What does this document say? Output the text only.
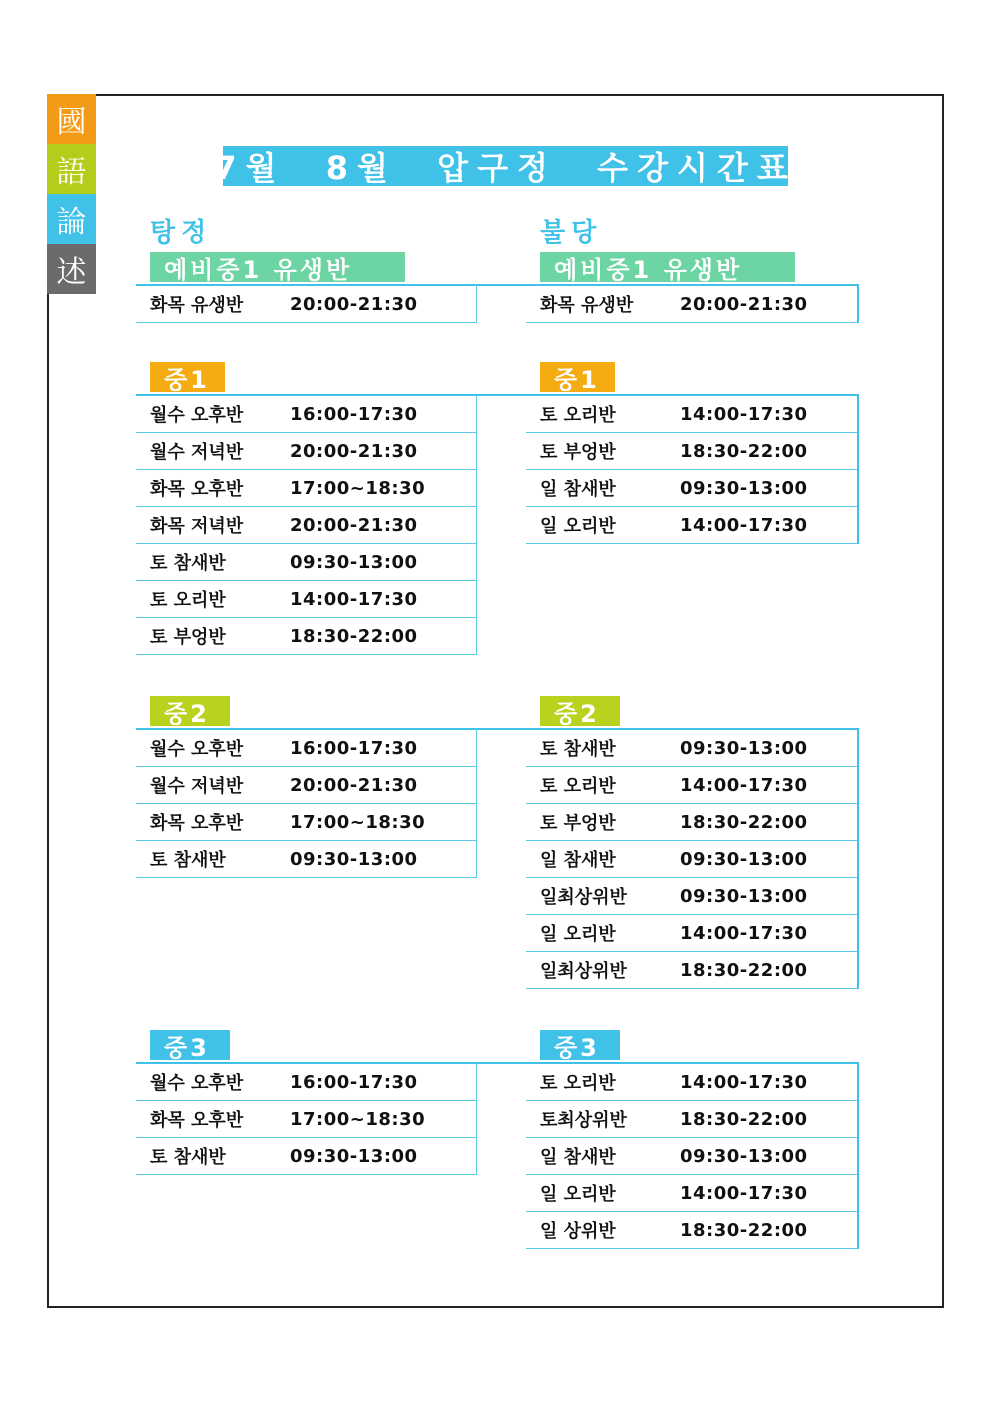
國
語
論
述
7월  8월  압구정  수강시간표
탕정	불당
예비중1 유생반	예비중1 유생반
중1	중1
중2	중2
중3	중3
화목 유생반	20:00-21:30	화목 유생반	20:00-21:30
월수 오후반	16:00-17:30
월수 저녁반	20:00-21:30
화목 오후반	17:00~18:30
화목 저녁반	20:00-21:30
토 참새반	09:30-13:00
토 오리반	14:00-17:30
토 부엉반	18:30-22:00
토 오리반	14:00-17:30
토 부엉반	18:30-22:00
일 참새반	09:30-13:00
일 오리반	14:00-17:30
월수 오후반	16:00-17:30
월수 저녁반	20:00-21:30
화목 오후반	17:00~18:30
토 참새반	09:30-13:00
토 참새반	09:30-13:00
토 오리반	14:00-17:30
토 부엉반	18:30-22:00
일 참새반	09:30-13:00
일최상위반	09:30-13:00
일 오리반	14:00-17:30
일최상위반	18:30-22:00
월수 오후반	16:00-17:30
화목 오후반	17:00~18:30
토 참새반	09:30-13:00
토 오리반	14:00-17:30
토최상위반	18:30-22:00
일 참새반	09:30-13:00
일 오리반	14:00-17:30
일 상위반	18:30-22:00
